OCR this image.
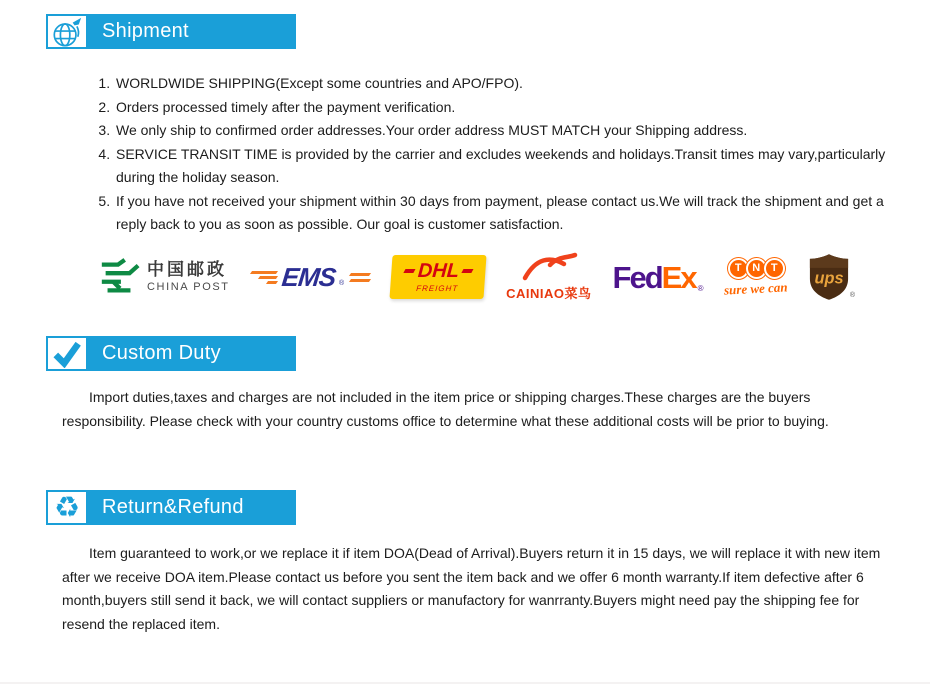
Shipment
1. WORLDWIDE SHIPPING(Except some countries and APO/FPO).
2. Orders processed timely after the payment verification.
3. We only ship to confirmed order addresses.Your order address MUST MATCH your Shipping address.
4. SERVICE TRANSIT TIME is provided by the carrier and excludes weekends and holidays.Transit times may vary,particularly during the holiday season.
5. If you have not received your shipment within 30 days from payment, please contact us.We will track the shipment and get a reply back to you as soon as possible. Our goal is customer satisfaction.
中国邮政
CHINA POST EMS ®
DHL
FREIGHT	CAINIAO菜鸟 Fed Ex ®
T N T
sure we can
ups
®
Custom Duty

Import duties,taxes and charges are not included in the item price or shipping charges.These charges are the buyers responsibility. Please check with your country customs office to determine what these additional costs will be prior to buying.

♻	Return&Refund

Item guaranteed to work,or we replace it if item DOA(Dead of Arrival).Buyers return it in 15 days, we will replace it with new item after we receive DOA item.Please contact us before you sent the item back and we offer 6 month warranty.If item defective after 6 month,buyers still send it back, we will contact suppliers or manufactory for wanrranty.Buyers might need pay the shipping fee for resend the replaced item.
